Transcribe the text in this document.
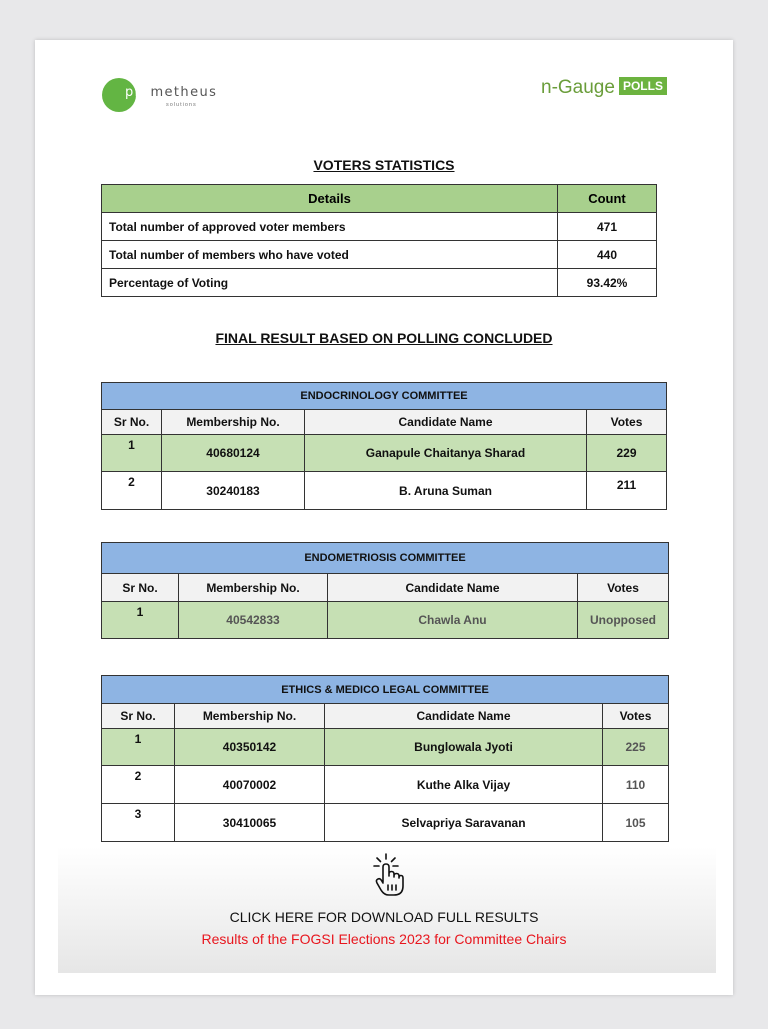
prometheus
solutions
n-Gauge POLLS
VOTERS STATISTICS
Details	Count
Total number of approved voter members	471
Total number of members who have voted	440
Percentage of Voting	93.42%
FINAL RESULT BASED ON POLLING CONCLUDED
ENDOCRINOLOGY COMMITTEE			
Sr No.	Membership No.	Candidate Name	Votes
1	40680124	Ganapule Chaitanya Sharad	229
2	30240183	B. Aruna Suman	211
ENDOMETRIOSIS COMMITTEE			
Sr No.	Membership No.	Candidate Name	Votes
1	40542833	Chawla Anu	Unopposed
ETHICS & MEDICO LEGAL COMMITTEE			
Sr No.	Membership No.	Candidate Name	Votes
1	40350142	Bunglowala Jyoti	225
2	40070002	Kuthe Alka Vijay	110
3	30410065	Selvapriya Saravanan	105
CLICK HERE FOR DOWNLOAD FULL RESULTS
Results of the FOGSI Elections 2023 for Committee Chairs
